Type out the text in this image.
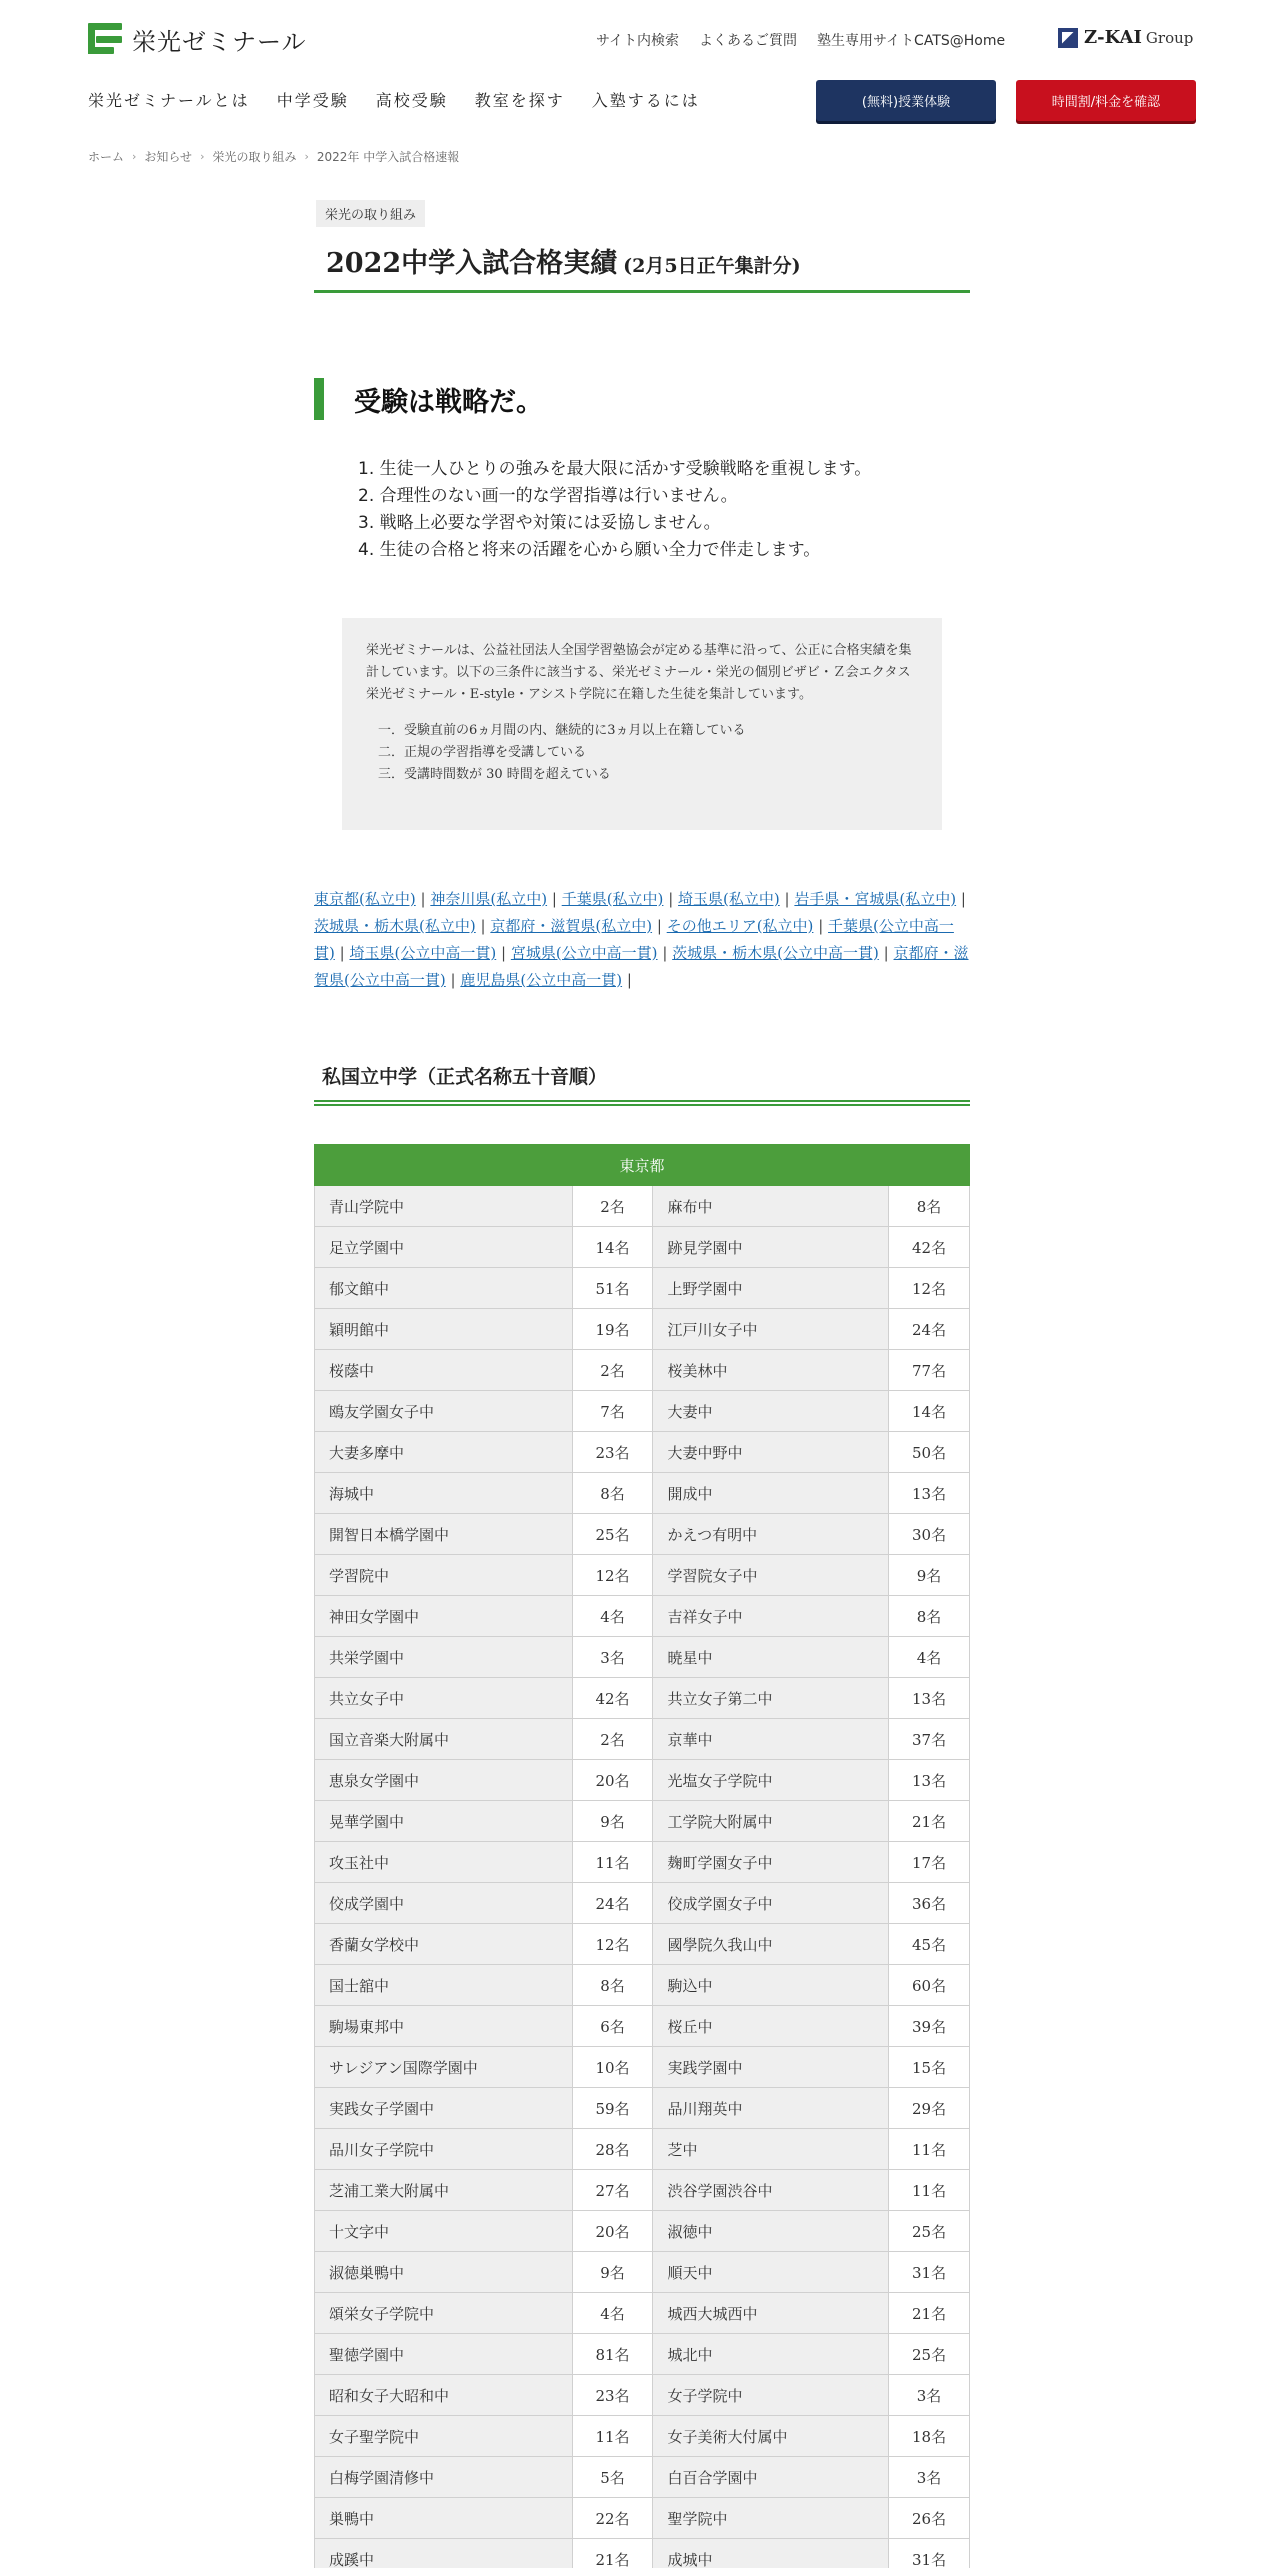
栄光ゼミナール	サイト内検索 よくあるご質問 塾生専用サイトCATS@Home	Z-KAI Group
栄光ゼミナールとは 中学受験 高校受験 教室を探す 入塾するには	(無料)授業体験	時間割/料金を確認
ホーム › お知らせ › 栄光の取り組み › 2022年 中学入試合格速報
栄光の取り組み
2022中学入試合格実績 (2月5日正午集計分)
受験は戦略だ。
1. 生徒一人ひとりの強みを最大限に活かす受験戦略を重視します。
2. 合理性のない画一的な学習指導は行いません。
3. 戦略上必要な学習や対策には妥協しません。
4. 生徒の合格と将来の活躍を心から願い全力で伴走します。
栄光ゼミナールは、公益社団法人全国学習塾協会が定める基準に沿って、公正に合格実績を集計しています。以下の三条件に該当する、栄光ゼミナール・栄光の個別ビザビ・Ｚ会エクタス栄光ゼミナール・E-style・アシスト学院に在籍した生徒を集計しています。
一．受験直前の6ヵ月間の内、継続的に3ヵ月以上在籍している
二．正規の学習指導を受講している
三．受講時間数が 30 時間を超えている
東京都(私立中) | 神奈川県(私立中) | 千葉県(私立中) | 埼玉県(私立中) | 岩手県・宮城県(私立中) | 茨城県・栃木県(私立中) | 京都府・滋賀県(私立中) | その他エリア(私立中) | 千葉県(公立中高一貫) | 埼玉県(公立中高一貫) | 宮城県(公立中高一貫) | 茨城県・栃木県(公立中高一貫) | 京都府・滋賀県(公立中高一貫) | 鹿児島県(公立中高一貫) |
私国立中学（正式名称五十音順）
東京都			
青山学院中	2名	麻布中	8名
足立学園中	14名	跡見学園中	42名
郁文館中	51名	上野学園中	12名
穎明館中	19名	江戸川女子中	24名
桜蔭中	2名	桜美林中	77名
鴎友学園女子中	7名	大妻中	14名
大妻多摩中	23名	大妻中野中	50名
海城中	8名	開成中	13名
開智日本橋学園中	25名	かえつ有明中	30名
学習院中	12名	学習院女子中	9名
神田女学園中	4名	吉祥女子中	8名
共栄学園中	3名	暁星中	4名
共立女子中	42名	共立女子第二中	13名
国立音楽大附属中	2名	京華中	37名
恵泉女学園中	20名	光塩女子学院中	13名
晃華学園中	9名	工学院大附属中	21名
攻玉社中	11名	麹町学園女子中	17名
佼成学園中	24名	佼成学園女子中	36名
香蘭女学校中	12名	國學院久我山中	45名
国士舘中	8名	駒込中	60名
駒場東邦中	6名	桜丘中	39名
サレジアン国際学園中	10名	実践学園中	15名
実践女子学園中	59名	品川翔英中	29名
品川女子学院中	28名	芝中	11名
芝浦工業大附属中	27名	渋谷学園渋谷中	11名
十文字中	20名	淑徳中	25名
淑徳巣鴨中	9名	順天中	31名
頌栄女子学院中	4名	城西大城西中	21名
聖徳学園中	81名	城北中	25名
昭和女子大昭和中	23名	女子学院中	3名
女子聖学院中	11名	女子美術大付属中	18名
白梅学園清修中	5名	白百合学園中	3名
巣鴨中	22名	聖学院中	26名
成蹊中	21名	成城中	31名
